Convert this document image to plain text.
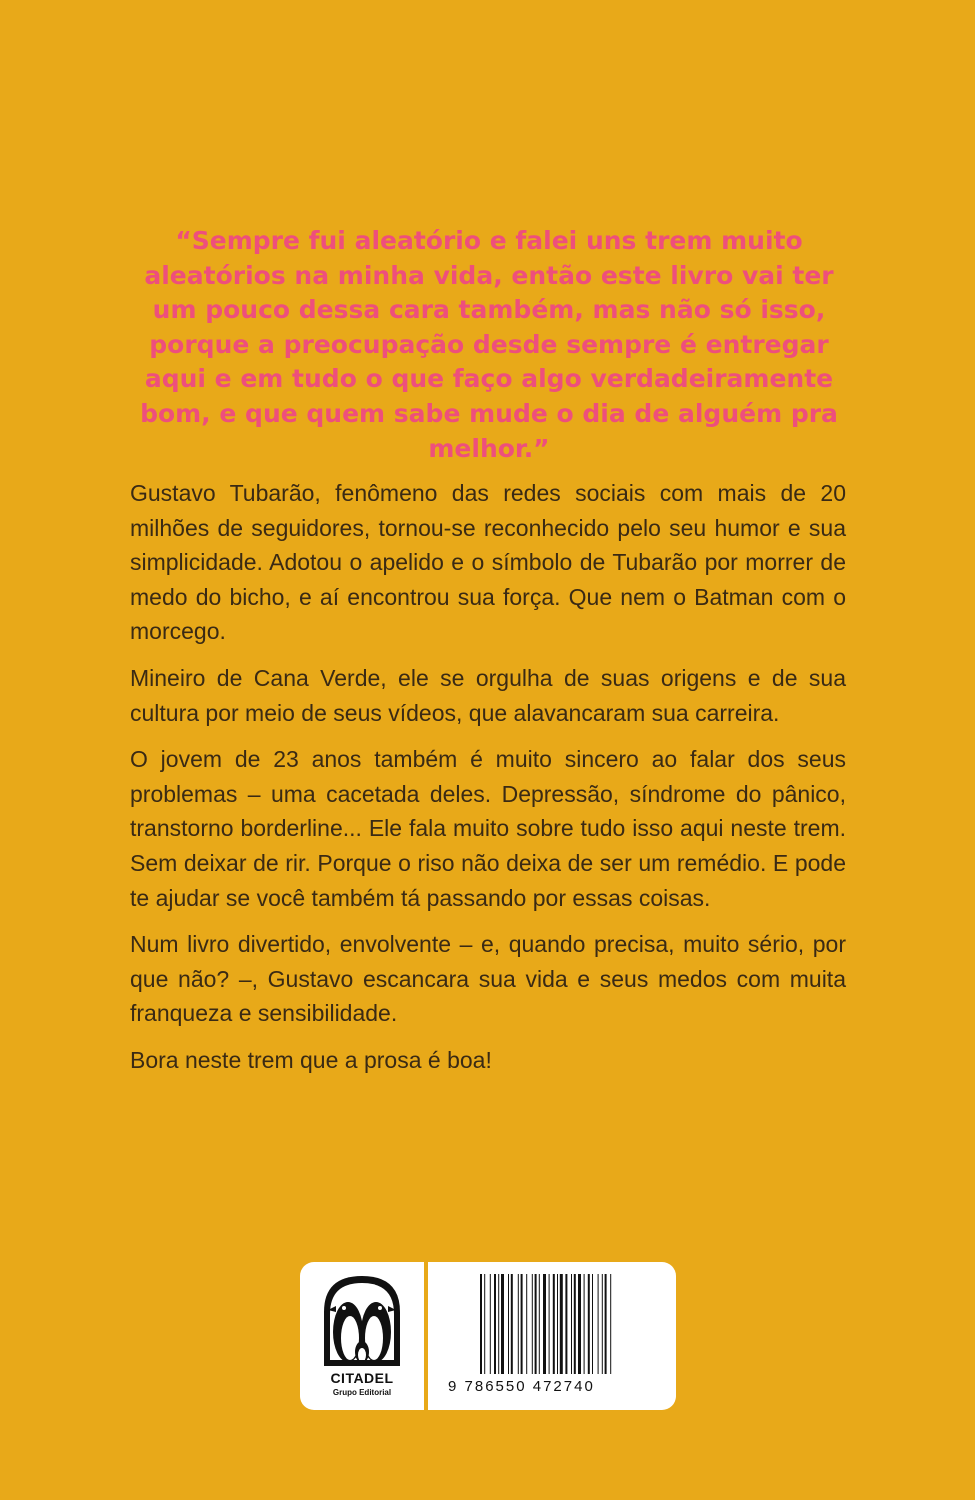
“Sempre fui aleatório e falei uns trem muito aleatórios na minha vida, então este livro vai ter um pouco dessa cara também, mas não só isso, porque a preocupação desde sempre é entregar aqui e em tudo o que faço algo verdadeiramente bom, e que quem sabe mude o dia de alguém pra melhor.”

Gustavo Tubarão, fenômeno das redes sociais com mais de 20 milhões de seguidores, tornou-se reconhecido pelo seu humor e sua simplicidade. Adotou o apelido e o símbolo de Tubarão por morrer de medo do bicho, e aí encontrou sua força. Que nem o Batman com o morcego.

Mineiro de Cana Verde, ele se orgulha de suas origens e de sua cultura por meio de seus vídeos, que alavancaram sua carreira.

O jovem de 23 anos também é muito sincero ao falar dos seus problemas – uma cacetada deles. Depressão, síndrome do pânico, transtorno borderline... Ele fala muito sobre tudo isso aqui neste trem. Sem deixar de rir. Porque o riso não deixa de ser um remédio. E pode te ajudar se você também tá passando por essas coisas.

Num livro divertido, envolvente – e, quando precisa, muito sério, por que não? –, Gustavo escancara sua vida e seus medos com muita franqueza e sensibilidade.

Bora neste trem que a prosa é boa!

CITADEL
Grupo Editorial	9 786550 472740
